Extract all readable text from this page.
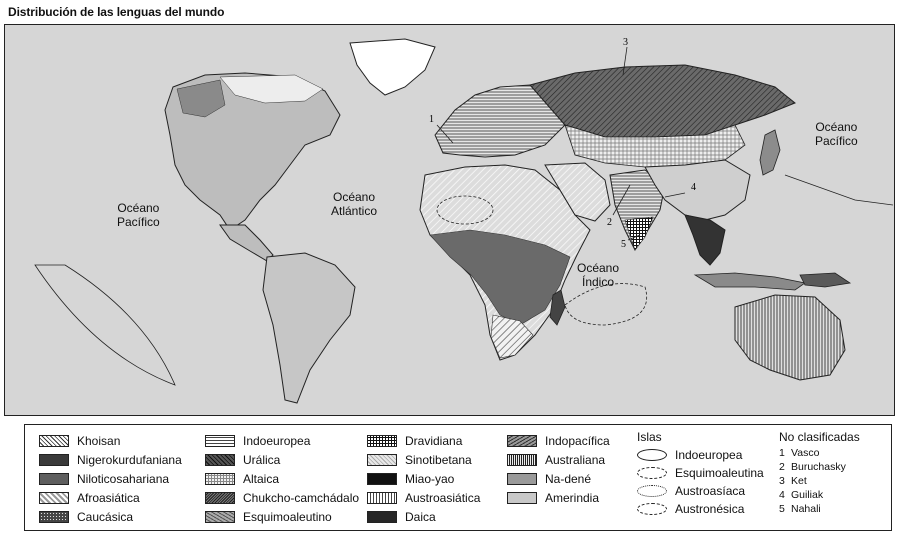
Distribución de las lenguas del mundo
1
2
3
4
5
Océano
Pacífico
Océano
Atlántico
Océano
Índico
Océano
Pacífico
Khoisan
Nigerokurdufaniana
Niloticosahariana
Afroasiática
Caucásica
Indoeuropea
Urálica
Altaica
Chukcho-camchádalo
Esquimoaleutino
Dravidiana
Sinotibetana
Miao-yao
Austroasiática
Daica
Indopacífica
Australiana
Na-dené
Amerindia
Islas
Indoeuropea
Esquimoaleutina
Austroasíaca
Austronésica
No clasificadas
1 Vasco
2 Buruchasky
3 Ket
4 Guiliak
5 Nahali
